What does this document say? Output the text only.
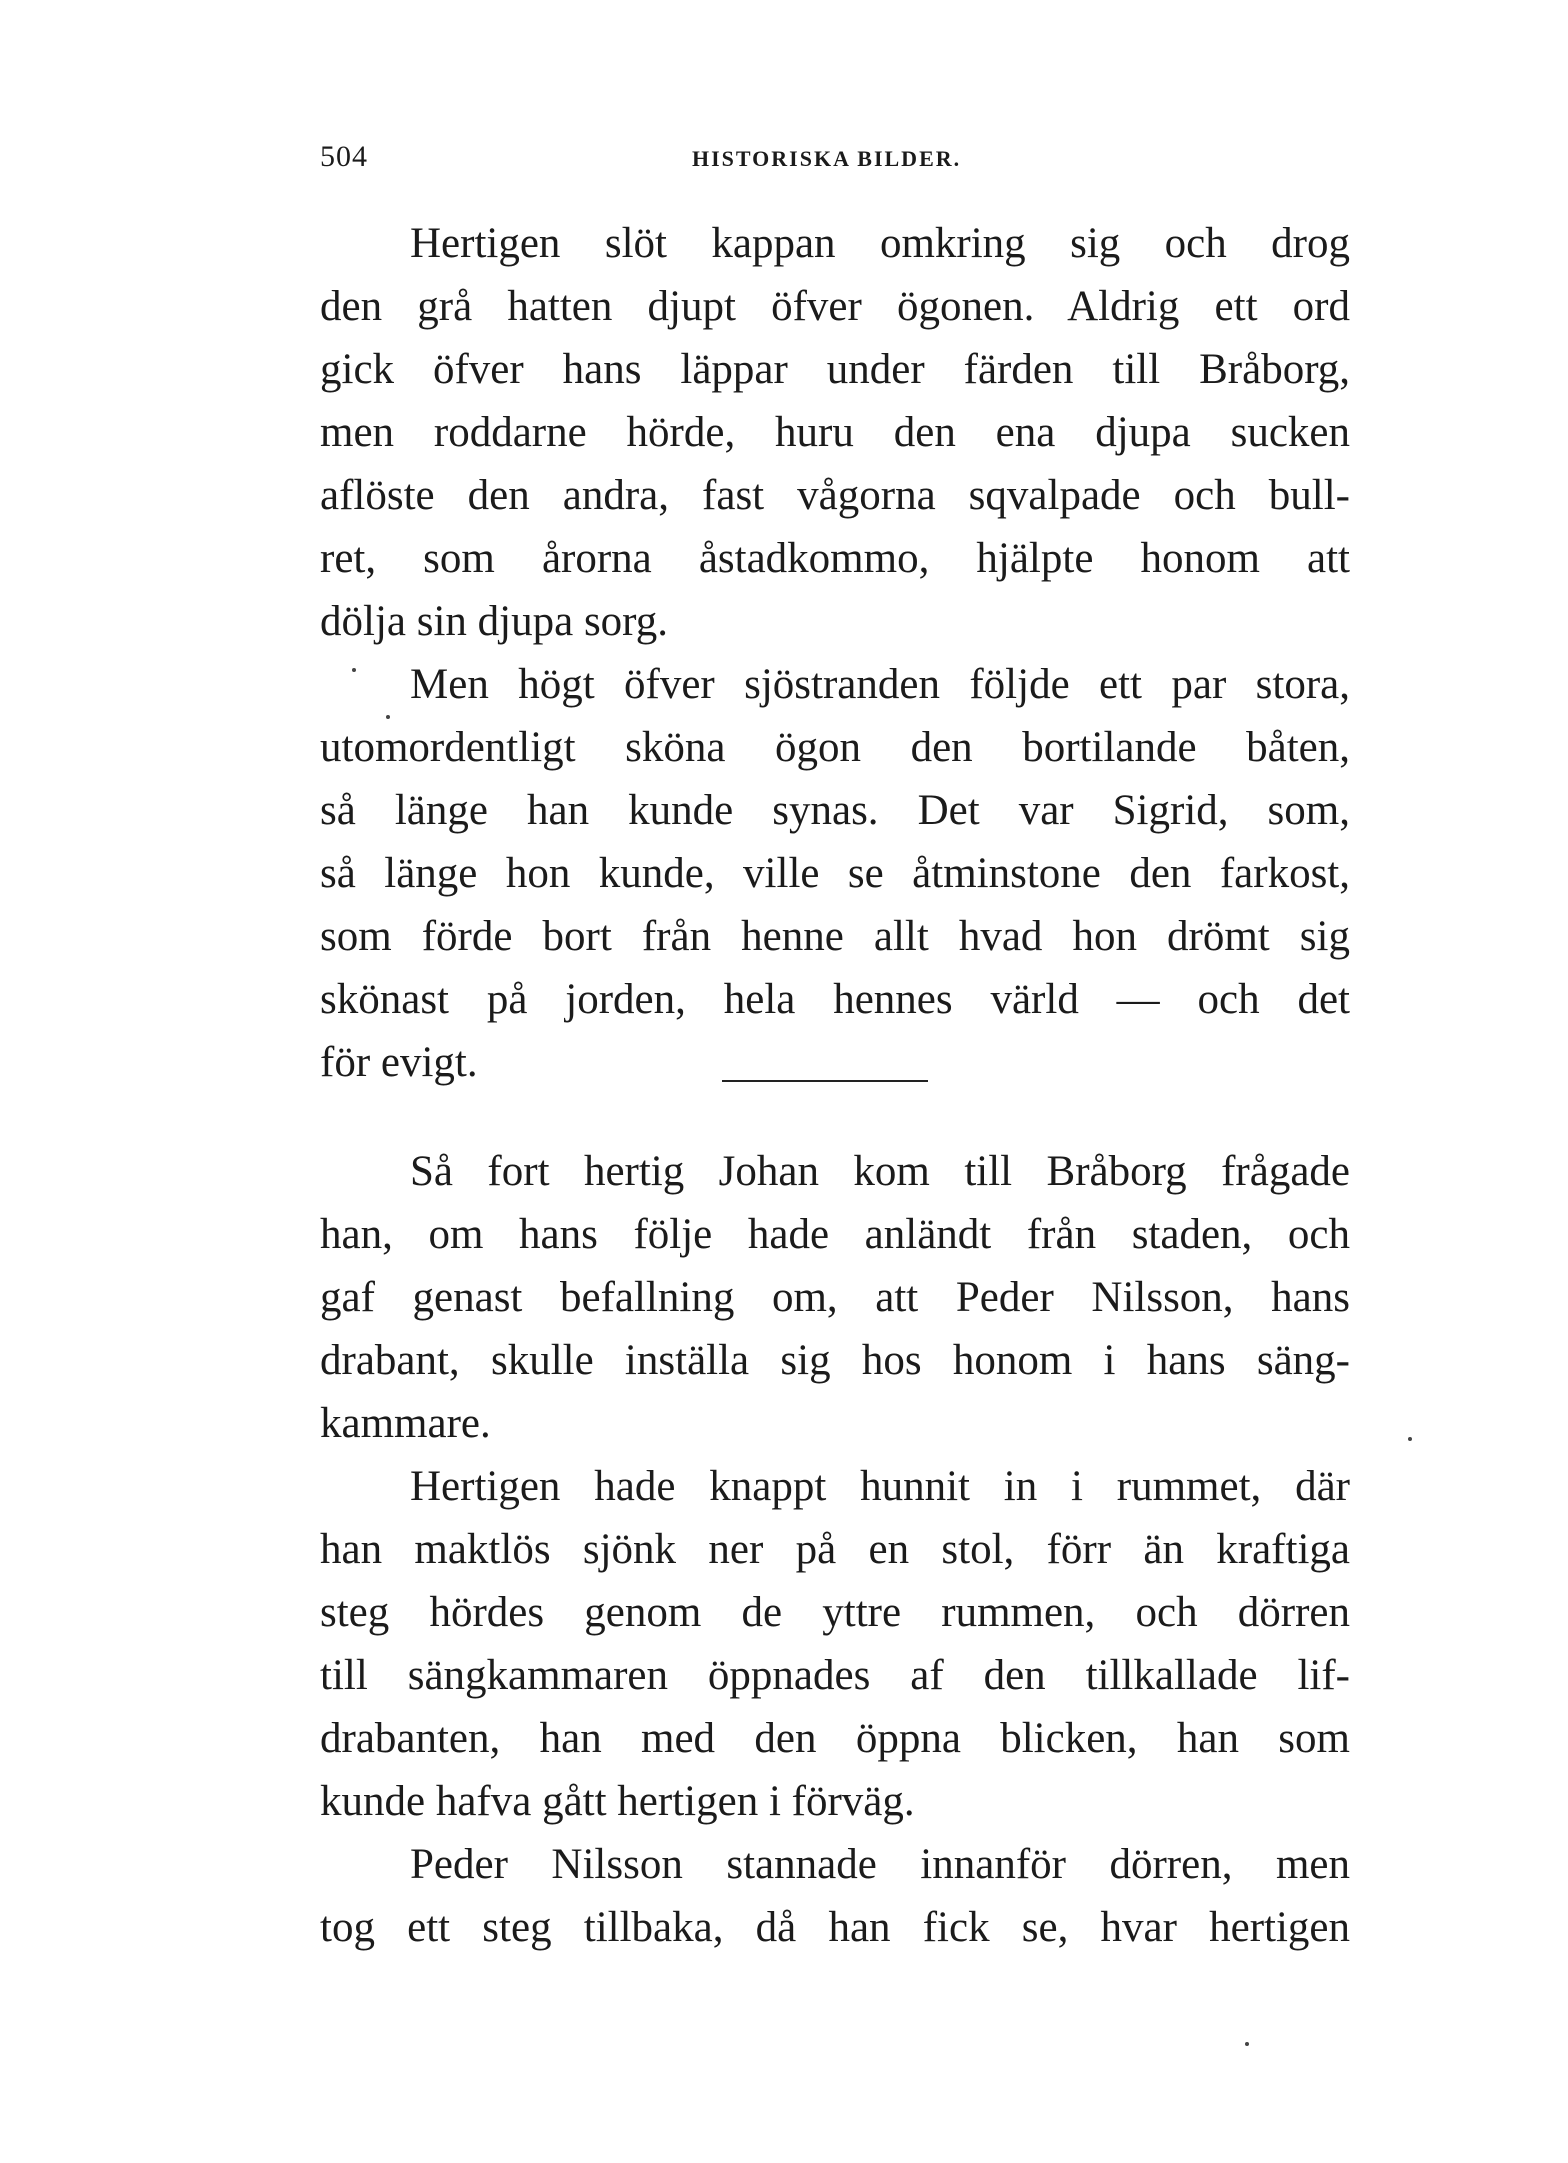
504	HISTORISKA BILDER.
Hertigen slöt kappan omkring sig och drog
den grå hatten djupt öfver ögonen. Aldrig ett ord
gick öfver hans läppar under färden till Bråborg,
men roddarne hörde, huru den ena djupa sucken
aflöste den andra, fast vågorna sqvalpade och bull-
ret, som årorna åstadkommo, hjälpte honom att
dölja sin djupa sorg.
Men högt öfver sjöstranden följde ett par stora,
utomordentligt sköna ögon den bortilande båten,
så länge han kunde synas. Det var Sigrid, som,
så länge hon kunde, ville se åtminstone den farkost,
som förde bort från henne allt hvad hon drömt sig
skönast på jorden, hela hennes värld — och det
för evigt.
Så fort hertig Johan kom till Bråborg frågade
han, om hans följe hade anländt från staden, och
gaf genast befallning om, att Peder Nilsson, hans
drabant, skulle inställa sig hos honom i hans säng-
kammare.
Hertigen hade knappt hunnit in i rummet, där
han maktlös sjönk ner på en stol, förr än kraftiga
steg hördes genom de yttre rummen, och dörren
till sängkammaren öppnades af den tillkallade lif-
drabanten, han med den öppna blicken, han som
kunde hafva gått hertigen i förväg.
Peder Nilsson stannade innanför dörren, men
tog ett steg tillbaka, då han fick se, hvar hertigen
